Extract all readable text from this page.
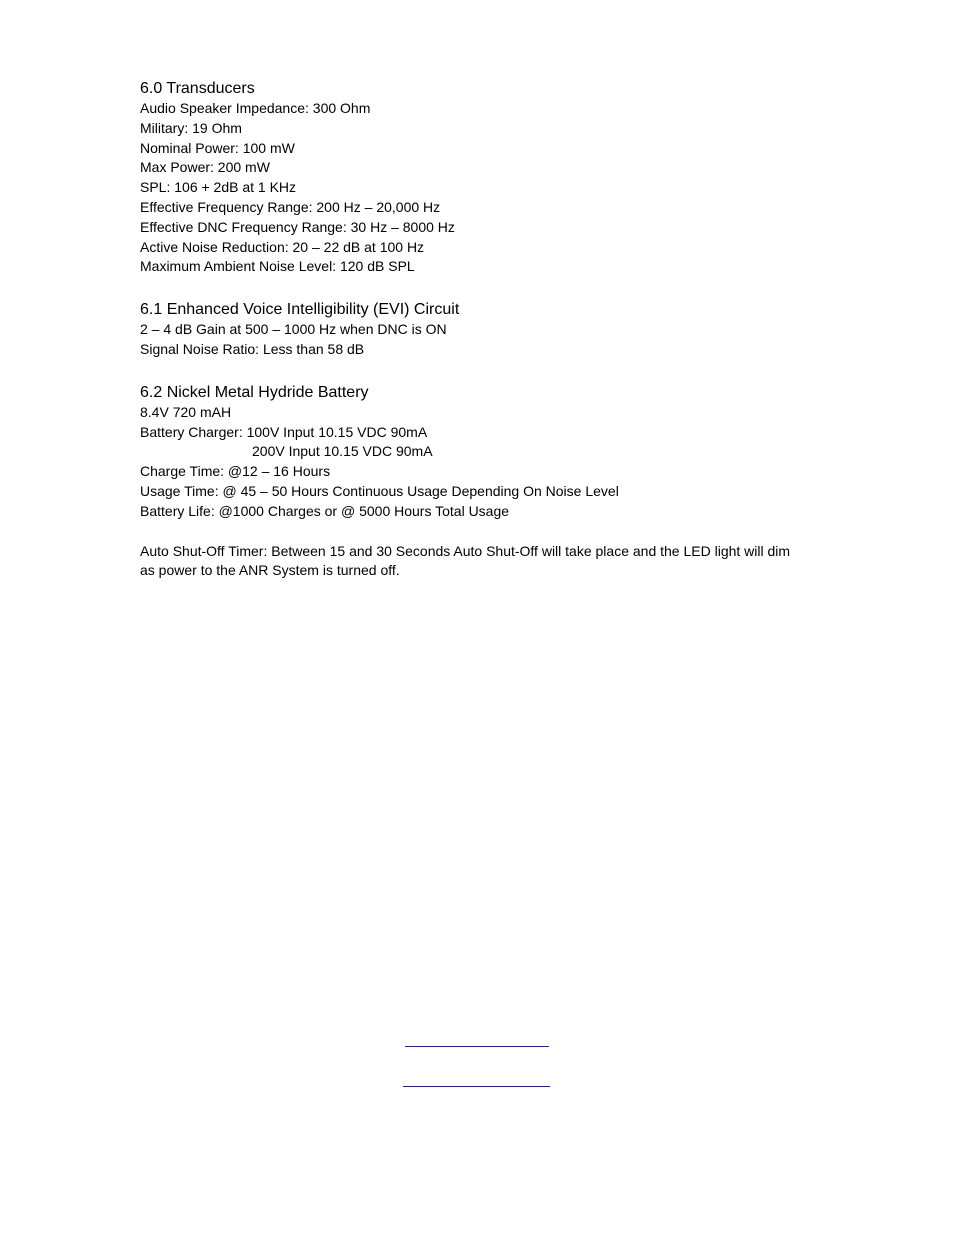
6.0 Transducers

Audio Speaker Impedance: 300 Ohm

Military: 19 Ohm

Nominal Power: 100 mW

Max Power: 200 mW

SPL: 106 + 2dB at 1 KHz

Effective Frequency Range: 200 Hz – 20,000 Hz

Effective DNC Frequency Range: 30 Hz – 8000 Hz

Active Noise Reduction: 20 – 22 dB at 100 Hz

Maximum Ambient Noise Level: 120 dB SPL

6.1 Enhanced Voice Intelligibility (EVI) Circuit

2 – 4 dB Gain at 500 – 1000 Hz when DNC is ON

Signal Noise Ratio: Less than 58 dB

6.2 Nickel Metal Hydride Battery

8.4V 720 mAH

Battery Charger: 100V Input 10.15 VDC 90mA

200V Input 10.15 VDC 90mA

Charge Time: @12 – 16 Hours

Usage Time: @ 45 – 50 Hours Continuous Usage Depending On Noise Level

Battery Life: @1000 Charges or @ 5000 Hours Total Usage

Auto Shut-Off Timer: Between 15 and 30 Seconds Auto Shut-Off will take place and the LED light will dim as power to the ANR System is turned off.
